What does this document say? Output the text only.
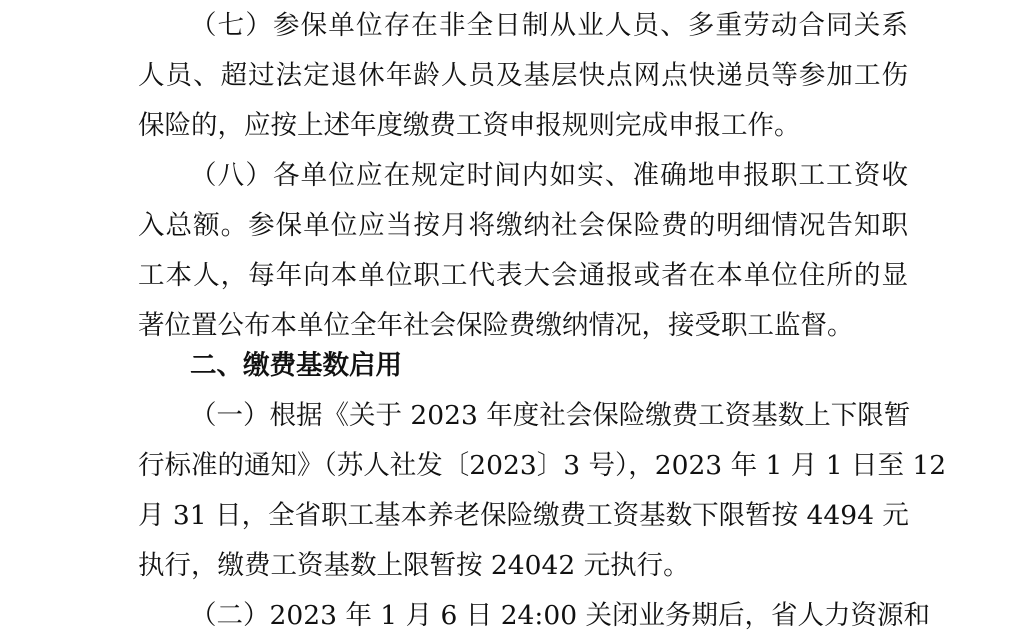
（七）参保单位存在非全日制从业人员、多重劳动合同关系
人员、超过法定退休年龄人员及基层快点网点快递员等参加工伤
保险的，应按上述年度缴费工资申报规则完成申报工作。
（八）各单位应在规定时间内如实、准确地申报职工工资收
入总额。参保单位应当按月将缴纳社会保险费的明细情况告知职
工本人，每年向本单位职工代表大会通报或者在本单位住所的显
著位置公布本单位全年社会保险费缴纳情况，接受职工监督。
二、缴费基数启用
（一）根据《关于 2023 年度社会保险缴费工资基数上下限暂
行标准的通知》（苏人社发〔2023〕3 号），2023 年 1 月 1 日至 12
月 31 日，全省职工基本养老保险缴费工资基数下限暂按 4494 元
执行，缴费工资基数上限暂按 24042 元执行。
（二）2023 年 1 月 6 日 24:00 关闭业务期后，省人力资源和
